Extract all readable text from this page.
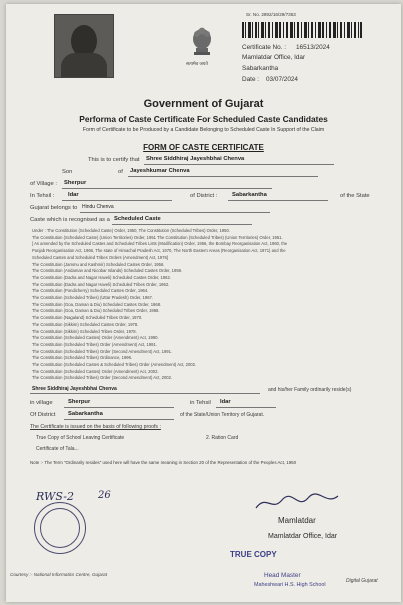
सत्यमेव जयते
Sr. No. 2892/16/29/7353
Certificate No. : 16513/2024
Mamlatdar Office, Idar
Sabarkantha
Date : 03/07/2024
Government of Gujarat
Performa of Caste Certificate For Scheduled Caste Candidates
Form of Certificate to be Produced by a Candidate Belonging to Scheduled Caste In Support of the Claim
FORM OF CASTE CERTIFICATE
This is to certify that Shree Siddhiraj Jayeshbhai Chenva
Son	of Jayeshkumar Chenva
of Village : Sherpur
In Tehsil : Idar	of District :	Sabarkantha	of the State
Gujarat belongs to Hindu Chenva
Caste which is recognised as a Scheduled Caste
Under : The Constitution (Scheduled Caste) Order, 1950, The Constitution (Scheduled Tribes) Order, 1950.
The Constitution (Scheduled Caste) (Union Territories) Order, 1951 The Constitution (Scheduled Tribes) (Union Territories) Order, 1951.
[ As amended by the Scheduled Castes and Scheduled Tribes Lists (Modification) Order, 1956, the Bombay Reorganisation Act, 1960, the
Punjab Reorganisation Act, 1966, The state of Himachal Pradesh Act, 1970, The North Eastern Areas (Reorganisation Act, 1971) and the
Scheduled Castes and Scheduled Tribes Orders (Amendment) Act, 1976]
The Constitution (Jammu and Kashmir) Scheduled Castes Order, 1956.
The Constitution (Andaman and Nicobar Islands) Scheduled Castes Order, 1959.
The Constitution (Dadra and Nagar Haveli) Scheduled Castes Order, 1962.
The Constitution (Dadra and Nagar Haveli) Scheduled Tribes Order, 1962.
The Constitution (Pondicherry) Scheduled Castes Order, 1964.
The Constitution (Scheduled Tribes) (Uttar Pradesh) Order, 1967.
The Constitution (Goa, Daman & Diu) Scheduled Castes Order, 1968.
The Constitution (Goa, Daman & Diu) Scheduled Tribes Order, 1968.
The Constitution (Nagaland) Scheduled Tribes Order, 1970.
The Constitution (Sikkim) Scheduled Castes Order, 1978.
The Constitution (Sikkim) Scheduled Tribes Order, 1978.
The Constitution (Scheduled Castes) Order (Amendment) Act, 1990.
The Constitution (Scheduled Tribes) Order (Amendment) Act, 1991.
The Constitution (Scheduled Tribes) Order (Second Amendment) Act, 1991.
The Constitution (Scheduled Tribes) Ordinance, 1996.
The Constitution (Scheduled Castes & Scheduled Tribes) Order (Amendment) Act, 2002.
The Constitution (Scheduled Castes) Order (Amendment) Act, 2002.
The Constitution (Scheduled Tribes) Order (Second Amendment) Act, 2002.
Shree Siddhiraj Jayeshbhai Chenva	and his/her Family ordinarily reside(s)
in village	Sherpur	in Tehsil Idar
Of District Sabarkantha	of the State/Union Territory of Gujarat.
The Certificate is issued on the basis of following proofs :
True Copy of School Leaving Certificate	2. Ration Card
Certificate of Tala...
Note :- The Term "Ordinarily resides" used here will have the same meaning in Section 20 of the Representation of the Peoples Act, 1950
RWS-2 26
Mamlatdar
Mamlatdar Office, Idar
TRUE COPY
Head Master
Maheshwari H.S. High School
Courtesy :- National Informatics Centre, Gujarat
Digital Gujarat
